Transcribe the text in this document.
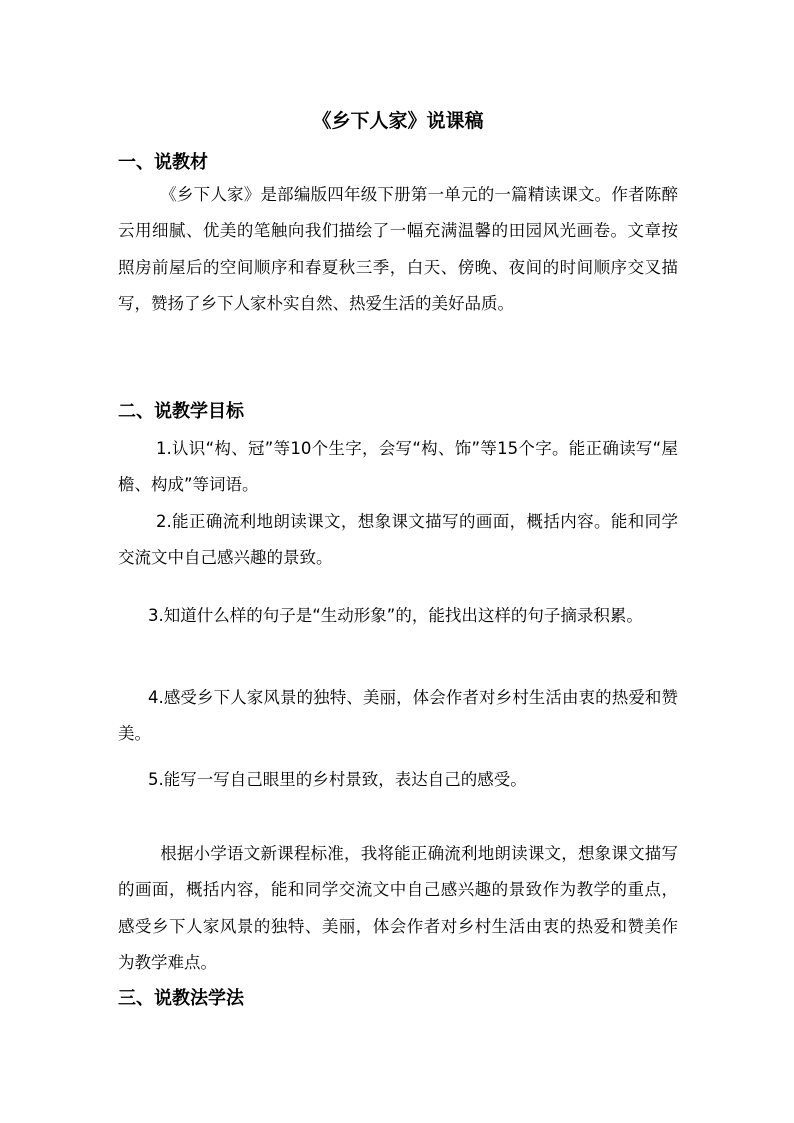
《乡下人家》说课稿
一、说教材
《乡下人家》是部编版四年级下册第一单元的一篇精读课文。作者陈醉云用细腻、优美的笔触向我们描绘了一幅充满温馨的田园风光画卷。文章按照房前屋后的空间顺序和春夏秋三季，白天、傍晚、夜间的时间顺序交叉描写，赞扬了乡下人家朴实自然、热爱生活的美好品质。
二、说教学目标
1.认识“构、冠”等10个生字，会写“构、饰”等15个字。能正确读写“屋檐、构成”等词语。
2.能正确流利地朗读课文，想象课文描写的画面，概括内容。能和同学交流文中自己感兴趣的景致。
3.知道什么样的句子是“生动形象”的，能找出这样的句子摘录积累。
4.感受乡下人家风景的独特、美丽，体会作者对乡村生活由衷的热爱和赞美。
5.能写一写自己眼里的乡村景致，表达自己的感受。
根据小学语文新课程标准，我将能正确流利地朗读课文，想象课文描写的画面，概括内容，能和同学交流文中自己感兴趣的景致作为教学的重点，感受乡下人家风景的独特、美丽，体会作者对乡村生活由衷的热爱和赞美作为教学难点。
三、说教法学法
